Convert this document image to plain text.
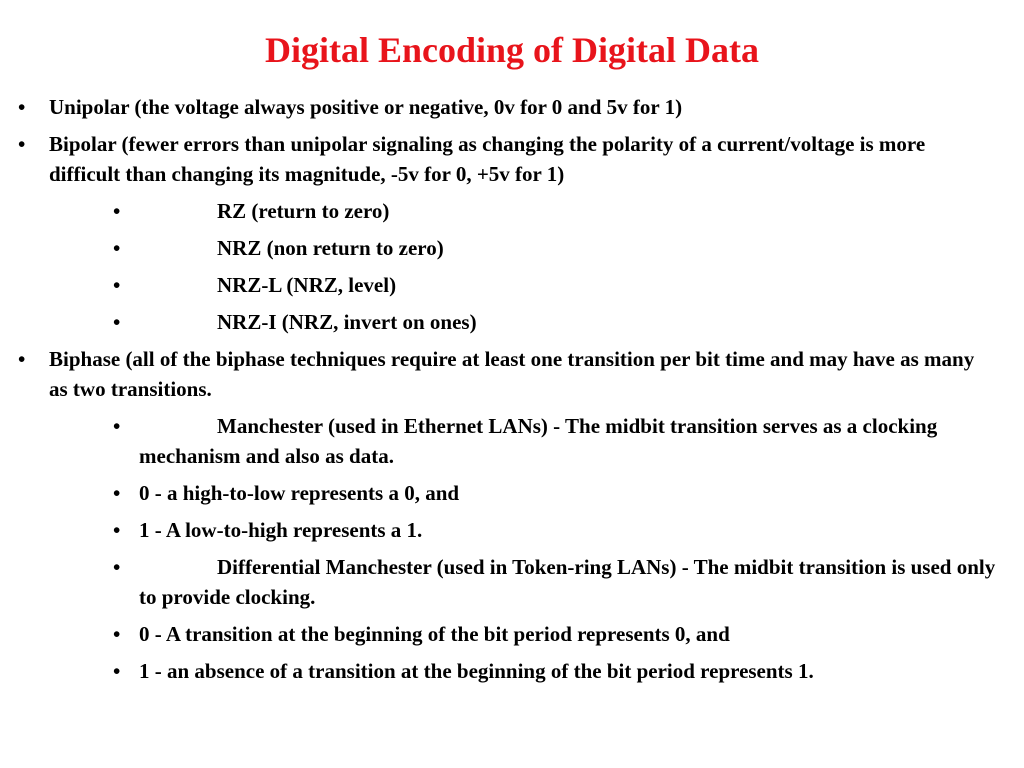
Digital Encoding of Digital Data
• Unipolar (the voltage always positive or negative, 0v for 0 and 5v for 1)
• Bipolar (fewer errors than unipolar signaling as changing the polarity of a current/voltage is more difficult than changing its magnitude, -5v for 0, +5v for 1)
•	RZ (return to zero)
•	NRZ (non return to zero)
•	NRZ-L (NRZ, level)
•	NRZ-I (NRZ, invert on ones)
• Biphase (all of the biphase techniques require at least one transition per bit time and may have as many as two transitions.
•	Manchester (used in Ethernet LANs) - The midbit transition serves as a clocking mechanism and also as data.
• 0 - a high-to-low represents a 0, and
• 1 - A low-to-high represents a 1.
•	Differential Manchester (used in Token-ring LANs) - The midbit transition is used only to provide clocking.
• 0 - A transition at the beginning of the bit period represents 0, and
• 1 - an absence of a transition at the beginning of the bit period represents 1.
